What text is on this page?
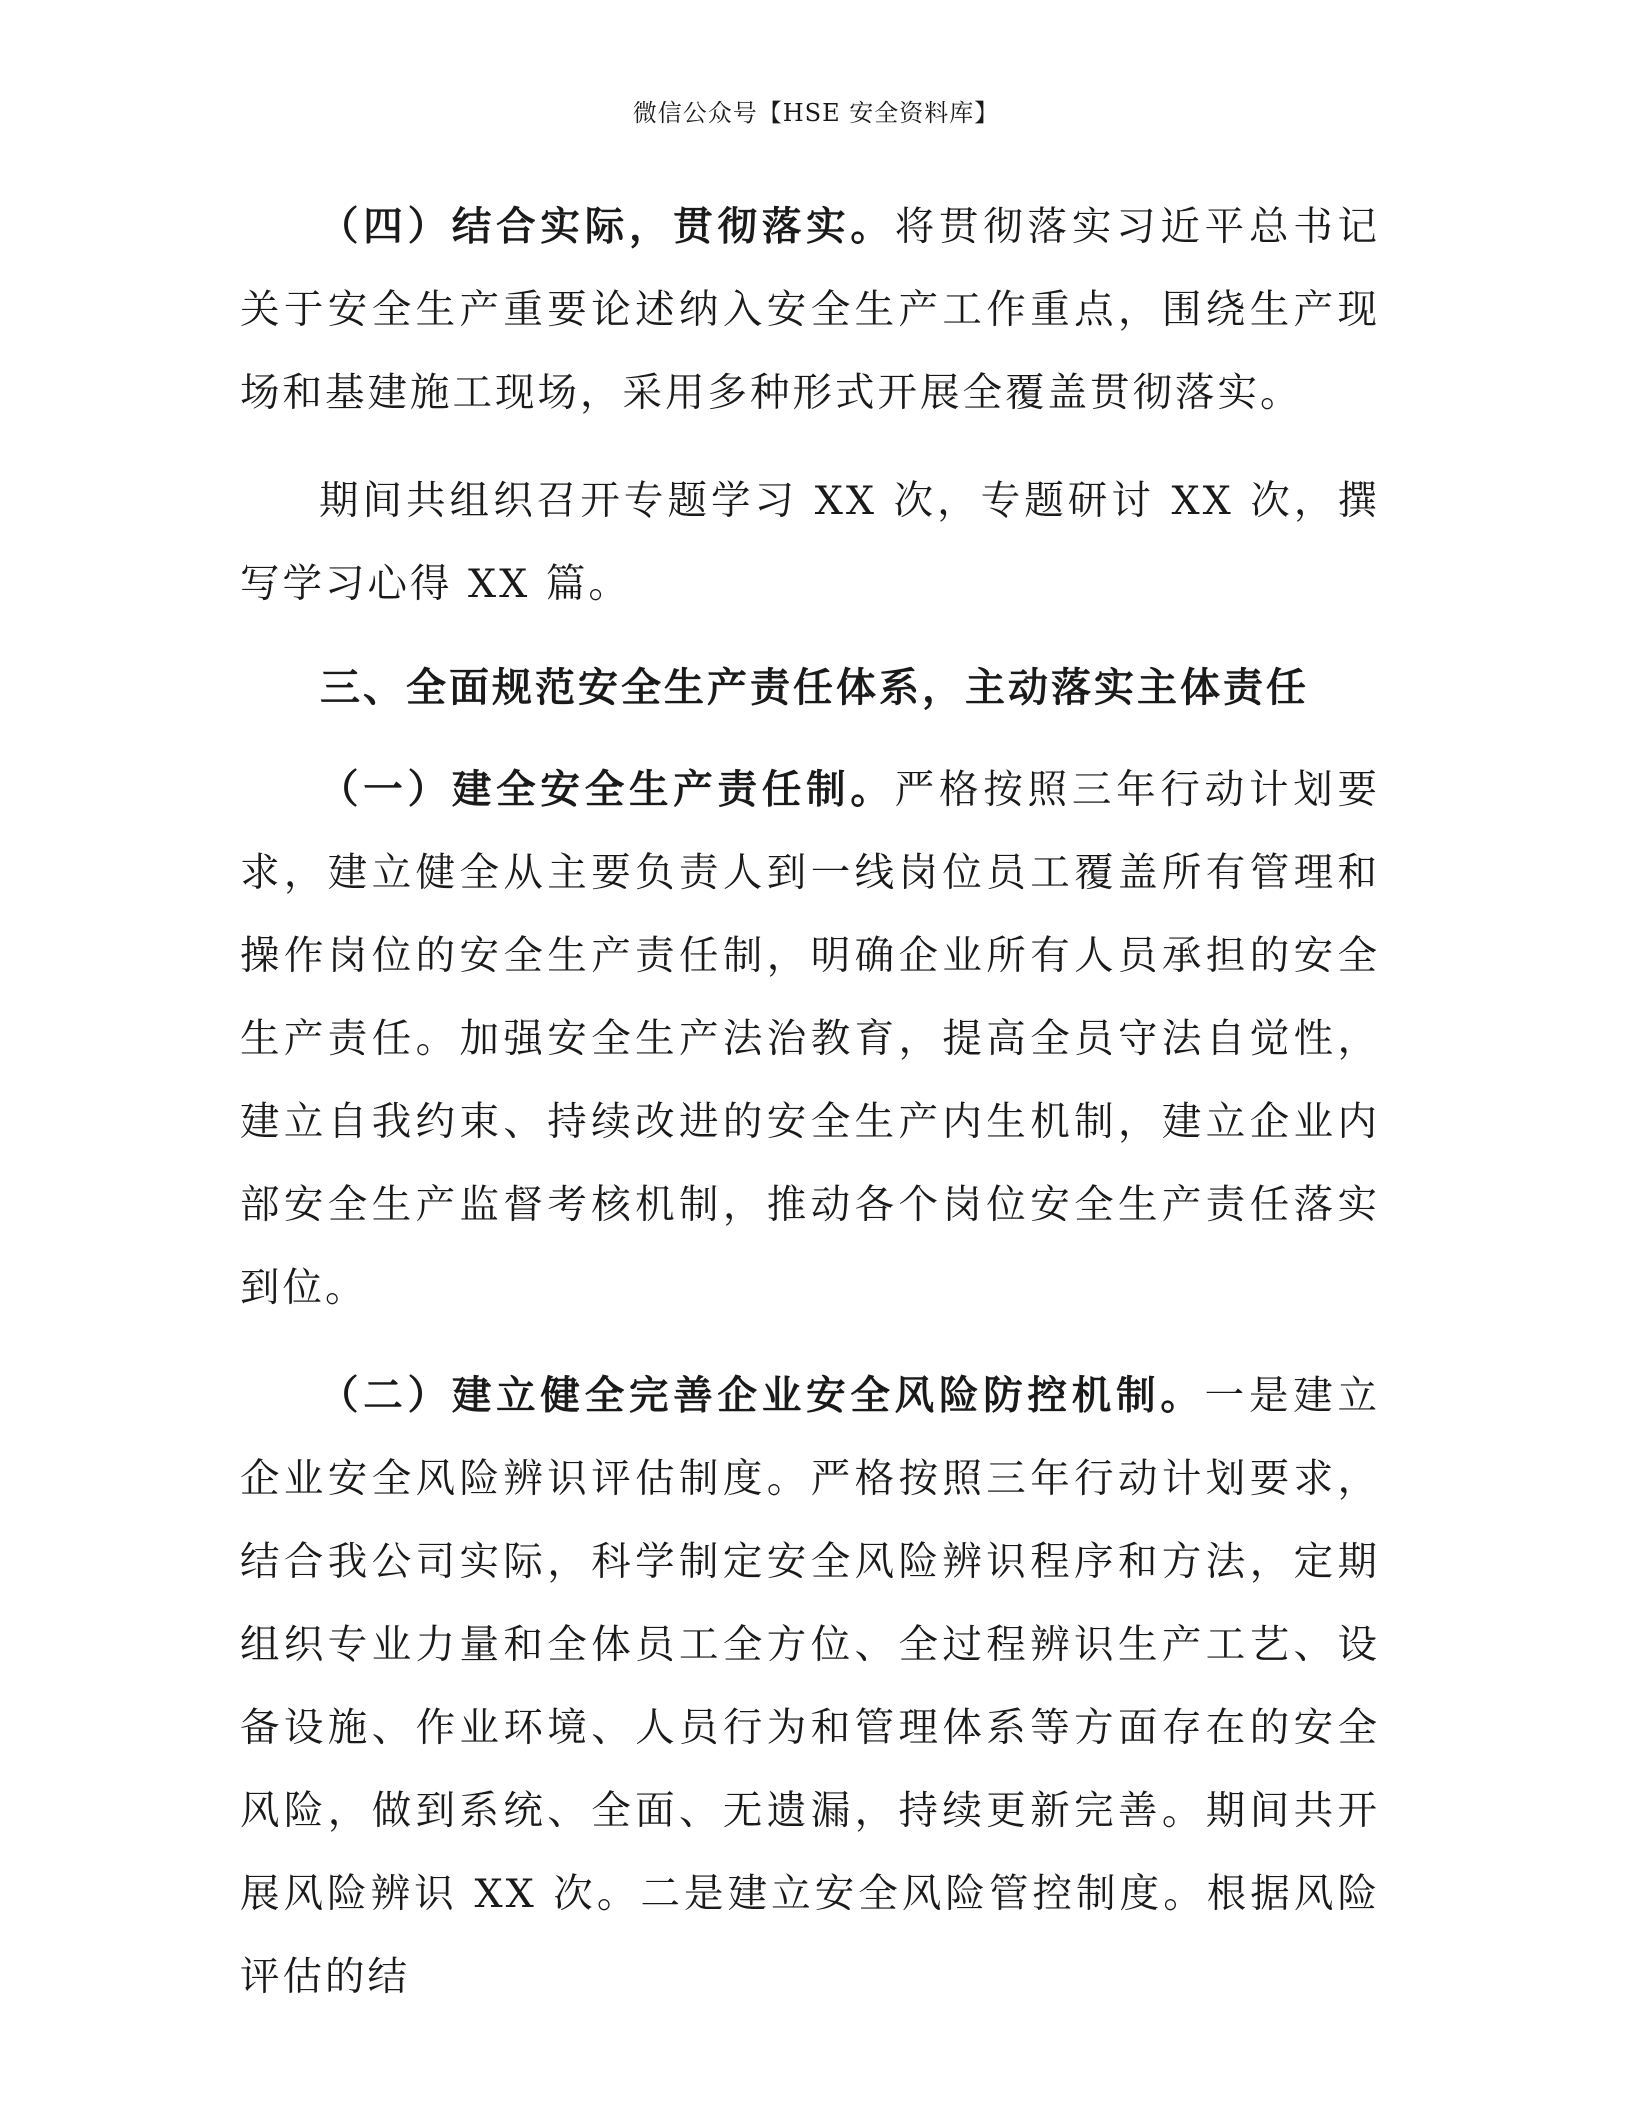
微信公众号【HSE 安全资料库】

（四）结合实际，贯彻落实。将贯彻落实习近平总书记关于安全生产重要论述纳入安全生产工作重点，围绕生产现场和基建施工现场，采用多种形式开展全覆盖贯彻落实。

期间共组织召开专题学习 XX 次，专题研讨 XX 次，撰写学习心得 XX 篇。

三、全面规范安全生产责任体系，主动落实主体责任

（一）建全安全生产责任制。严格按照三年行动计划要求，建立健全从主要负责人到一线岗位员工覆盖所有管理和操作岗位的安全生产责任制，明确企业所有人员承担的安全生产责任。加强安全生产法治教育，提高全员守法自觉性，建立自我约束、持续改进的安全生产内生机制，建立企业内部安全生产监督考核机制，推动各个岗位安全生产责任落实到位。

（二）建立健全完善企业安全风险防控机制。一是建立企业安全风险辨识评估制度。严格按照三年行动计划要求，结合我公司实际，科学制定安全风险辨识程序和方法，定期组织专业力量和全体员工全方位、全过程辨识生产工艺、设备设施、作业环境、人员行为和管理体系等方面存在的安全风险，做到系统、全面、无遗漏，持续更新完善。期间共开展风险辨识 XX 次。二是建立安全风险管控制度。根据风险评估的结
